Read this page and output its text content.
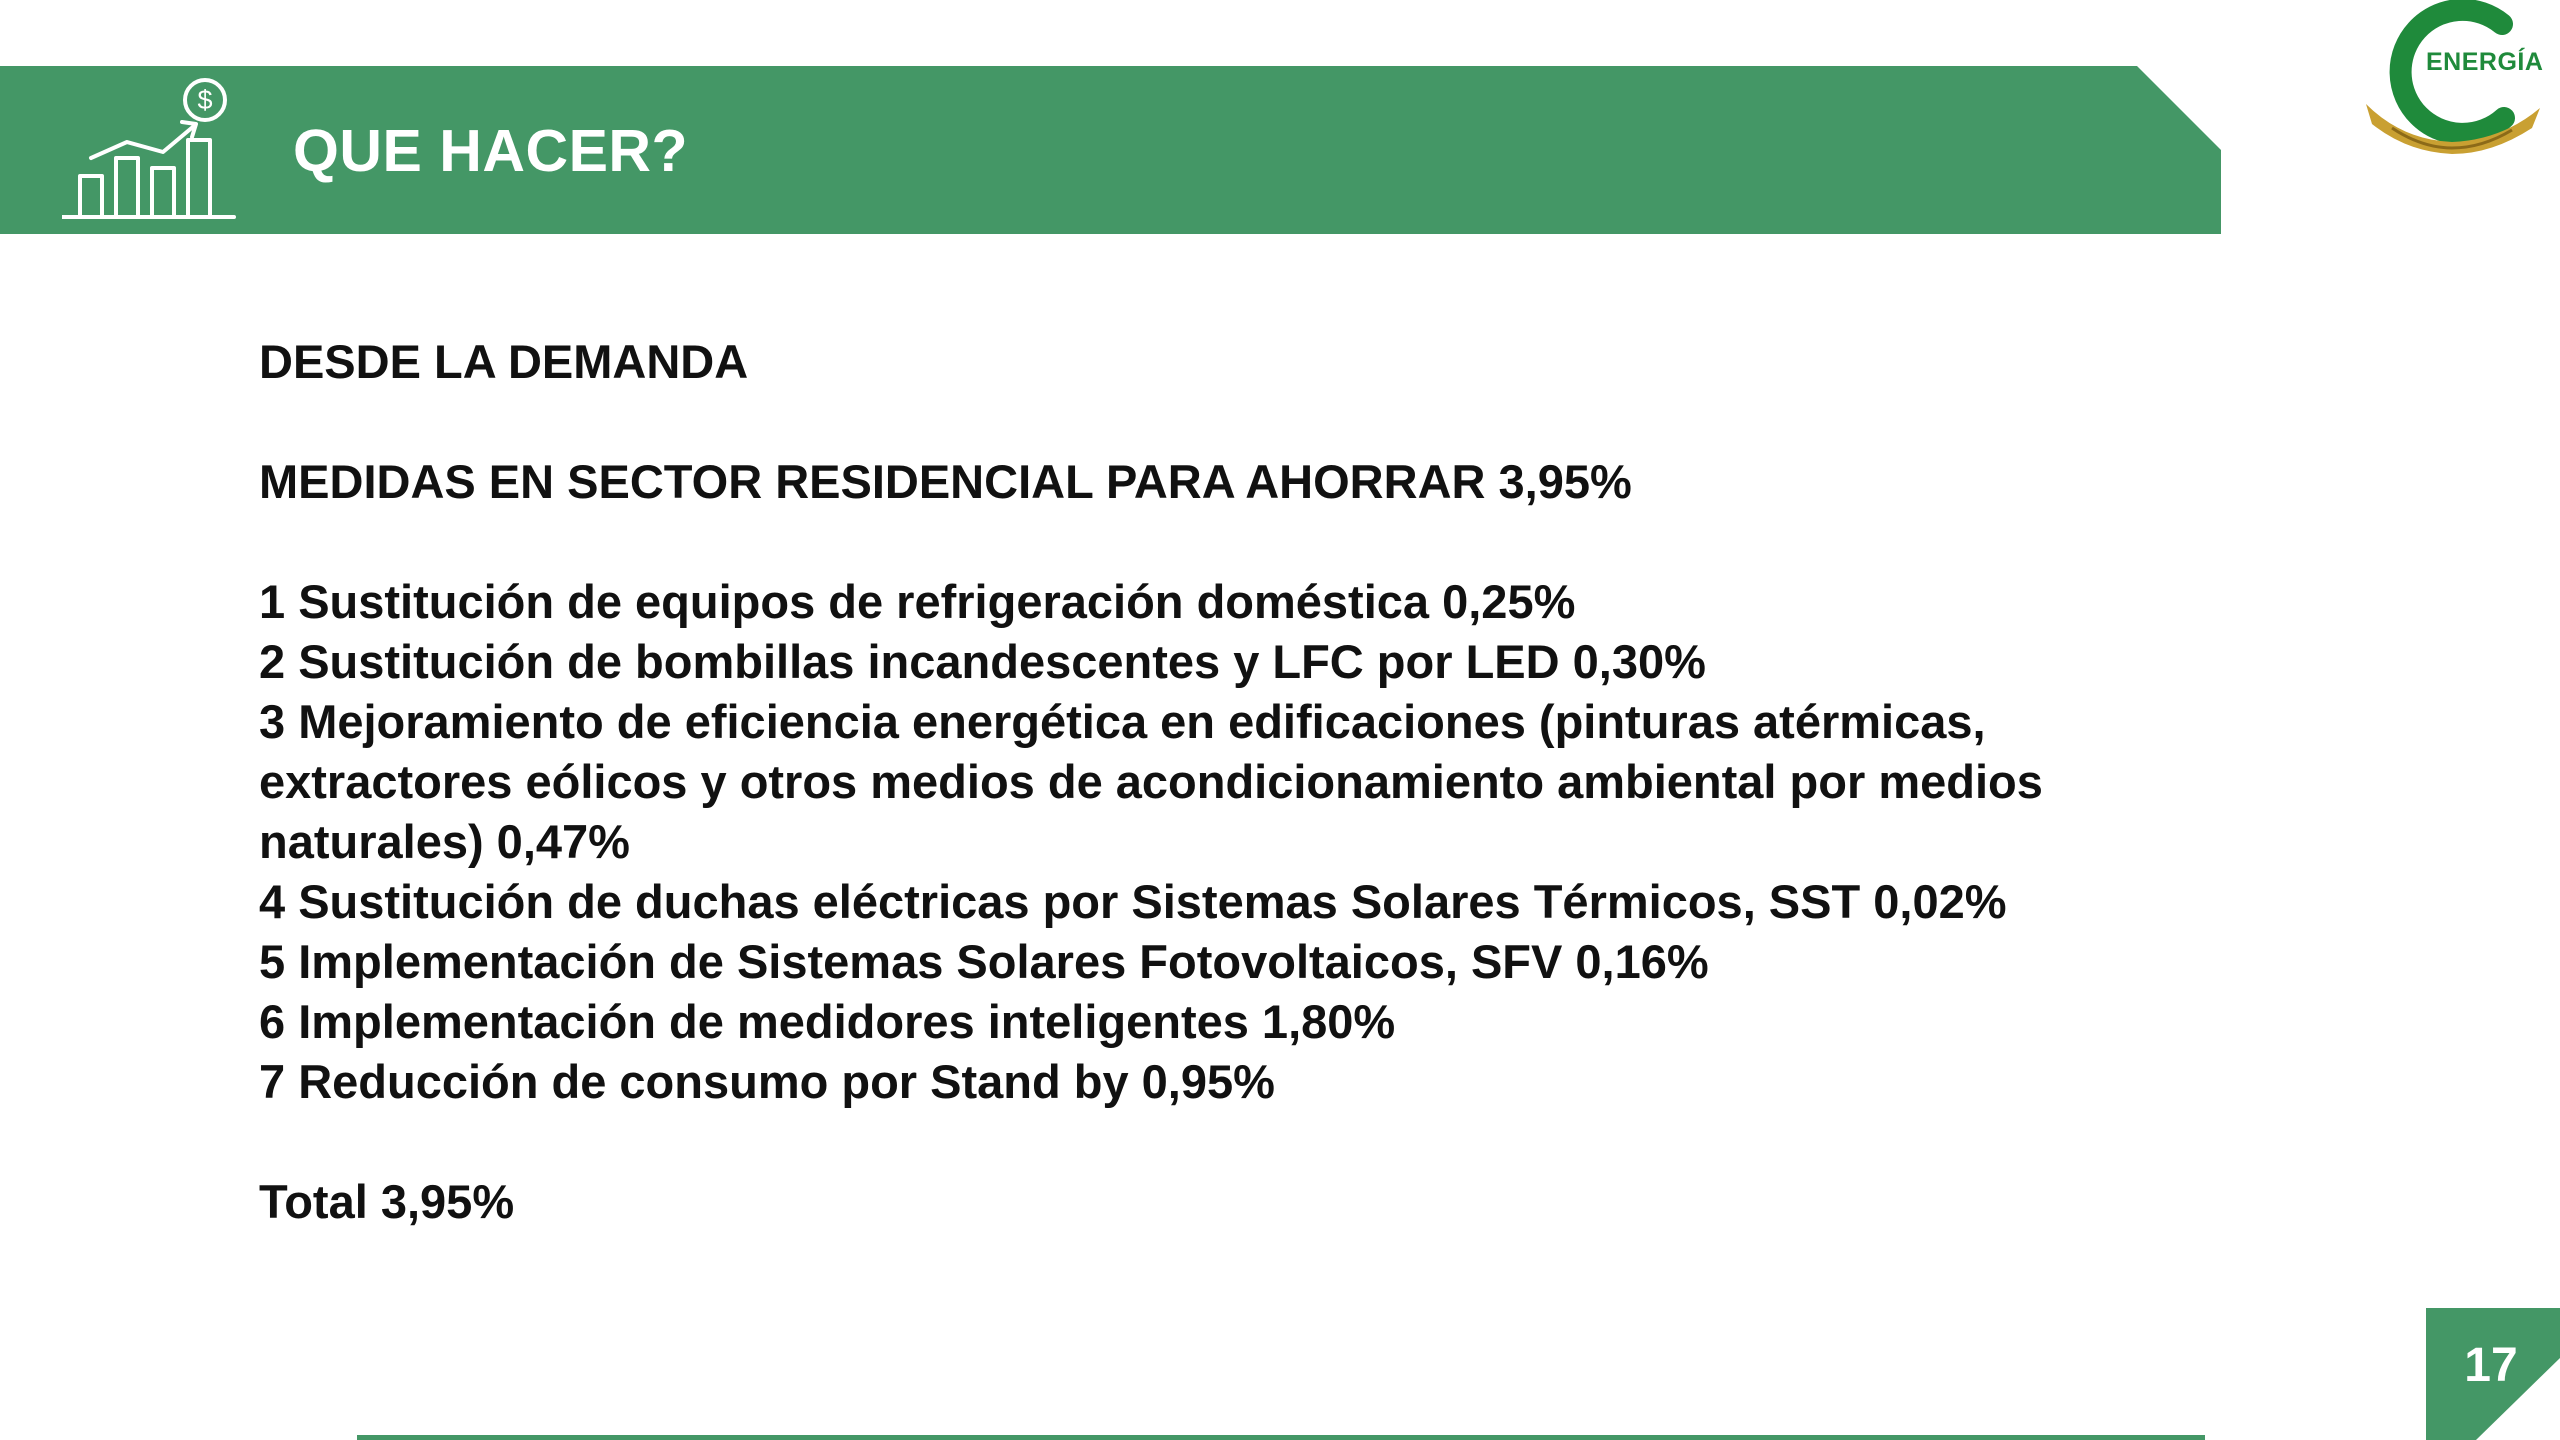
$
QUE HACER?
ENERGÍA

DESDE LA DEMANDA

MEDIDAS EN SECTOR RESIDENCIAL PARA AHORRAR 3,95%

1 Sustitución de equipos de refrigeración doméstica 0,25%

2 Sustitución de bombillas incandescentes y LFC por LED 0,30%

3 Mejoramiento de eficiencia energética en edificaciones (pinturas atérmicas, extractores eólicos y otros medios de acondicionamiento ambiental por medios naturales) 0,47%

4 Sustitución de duchas eléctricas por Sistemas Solares Térmicos, SST 0,02%

5 Implementación de Sistemas Solares Fotovoltaicos, SFV 0,16%

6 Implementación de medidores inteligentes 1,80%

7 Reducción de consumo por Stand by 0,95%

Total 3,95%

17
